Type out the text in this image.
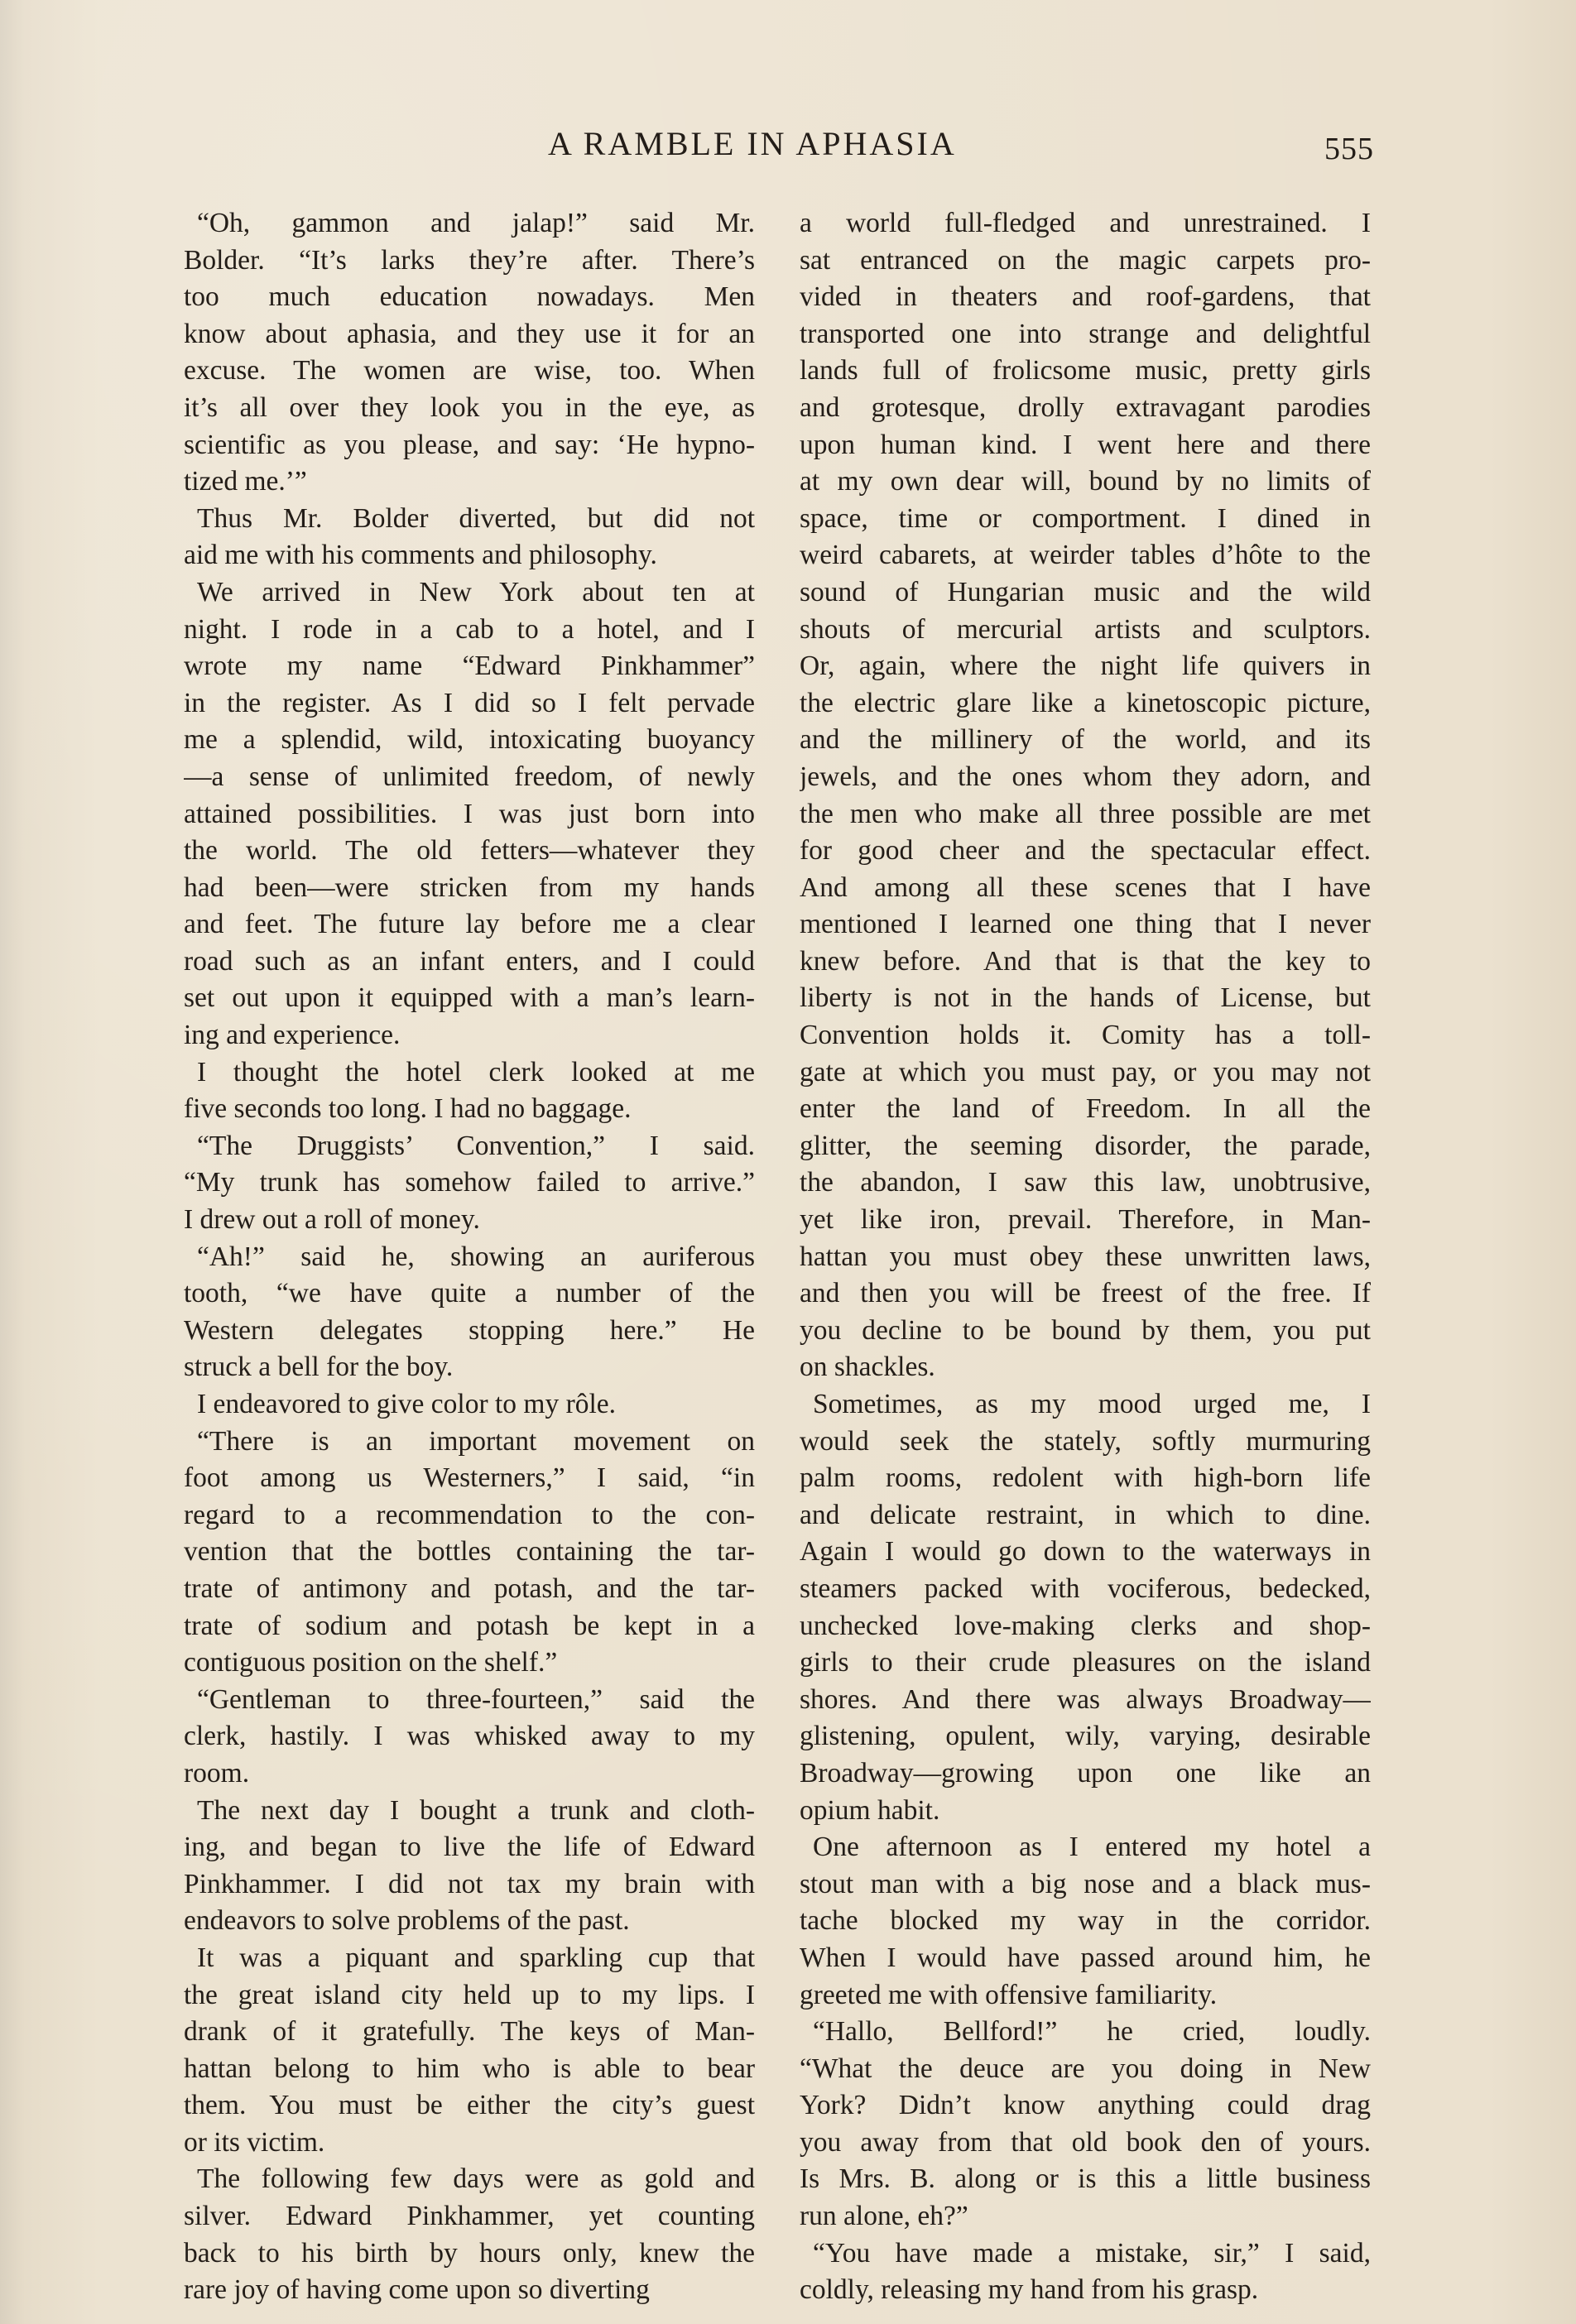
A RAMBLE IN APHASIA	555

“Oh, gammon and jalap!” said Mr.
Bolder. “It’s larks they’re after. There’s
too much education nowadays. Men
know about aphasia, and they use it for an
excuse. The women are wise, too. When
it’s all over they look you in the eye, as
scientific as you please, and say: ‘He hypno-
tized me.’”

Thus Mr. Bolder diverted, but did not
aid me with his comments and philosophy.

We arrived in New York about ten at
night. I rode in a cab to a hotel, and I
wrote my name “Edward Pinkhammer”
in the register. As I did so I felt pervade
me a splendid, wild, intoxicating buoyancy
—a sense of unlimited freedom, of newly
attained possibilities. I was just born into
the world. The old fetters—whatever they
had been—were stricken from my hands
and feet. The future lay before me a clear
road such as an infant enters, and I could
set out upon it equipped with a man’s learn-
ing and experience.

I thought the hotel clerk looked at me
five seconds too long. I had no baggage.

“The Druggists’ Convention,” I said.
“My trunk has somehow failed to arrive.”
I drew out a roll of money.

“Ah!” said he, showing an auriferous
tooth, “we have quite a number of the
Western delegates stopping here.” He
struck a bell for the boy.

I endeavored to give color to my rôle.

“There is an important movement on
foot among us Westerners,” I said, “in
regard to a recommendation to the con-
vention that the bottles containing the tar-
trate of antimony and potash, and the tar-
trate of sodium and potash be kept in a
contiguous position on the shelf.”

“Gentleman to three-fourteen,” said the
clerk, hastily. I was whisked away to my
room.

The next day I bought a trunk and cloth-
ing, and began to live the life of Edward
Pinkhammer. I did not tax my brain with
endeavors to solve problems of the past.

It was a piquant and sparkling cup that
the great island city held up to my lips. I
drank of it gratefully. The keys of Man-
hattan belong to him who is able to bear
them. You must be either the city’s guest
or its victim.

The following few days were as gold and
silver. Edward Pinkhammer, yet counting
back to his birth by hours only, knew the
rare joy of having come upon so diverting

a world full-fledged and unrestrained. I
sat entranced on the magic carpets pro-
vided in theaters and roof-gardens, that
transported one into strange and delightful
lands full of frolicsome music, pretty girls
and grotesque, drolly extravagant parodies
upon human kind. I went here and there
at my own dear will, bound by no limits of
space, time or comportment. I dined in
weird cabarets, at weirder tables d’hôte to the
sound of Hungarian music and the wild
shouts of mercurial artists and sculptors.
Or, again, where the night life quivers in
the electric glare like a kinetoscopic picture,
and the millinery of the world, and its
jewels, and the ones whom they adorn, and
the men who make all three possible are met
for good cheer and the spectacular effect.
And among all these scenes that I have
mentioned I learned one thing that I never
knew before. And that is that the key to
liberty is not in the hands of License, but
Convention holds it. Comity has a toll-
gate at which you must pay, or you may not
enter the land of Freedom. In all the
glitter, the seeming disorder, the parade,
the abandon, I saw this law, unobtrusive,
yet like iron, prevail. Therefore, in Man-
hattan you must obey these unwritten laws,
and then you will be freest of the free. If
you decline to be bound by them, you put
on shackles.

Sometimes, as my mood urged me, I
would seek the stately, softly murmuring
palm rooms, redolent with high-born life
and delicate restraint, in which to dine.
Again I would go down to the waterways in
steamers packed with vociferous, bedecked,
unchecked love-making clerks and shop-
girls to their crude pleasures on the island
shores. And there was always Broadway—
glistening, opulent, wily, varying, desirable
Broadway—growing upon one like an
opium habit.

One afternoon as I entered my hotel a
stout man with a big nose and a black mus-
tache blocked my way in the corridor.
When I would have passed around him, he
greeted me with offensive familiarity.

“Hallo, Bellford!” he cried, loudly.
“What the deuce are you doing in New
York? Didn’t know anything could drag
you away from that old book den of yours.
Is Mrs. B. along or is this a little business
run alone, eh?”

“You have made a mistake, sir,” I said,
coldly, releasing my hand from his grasp.
